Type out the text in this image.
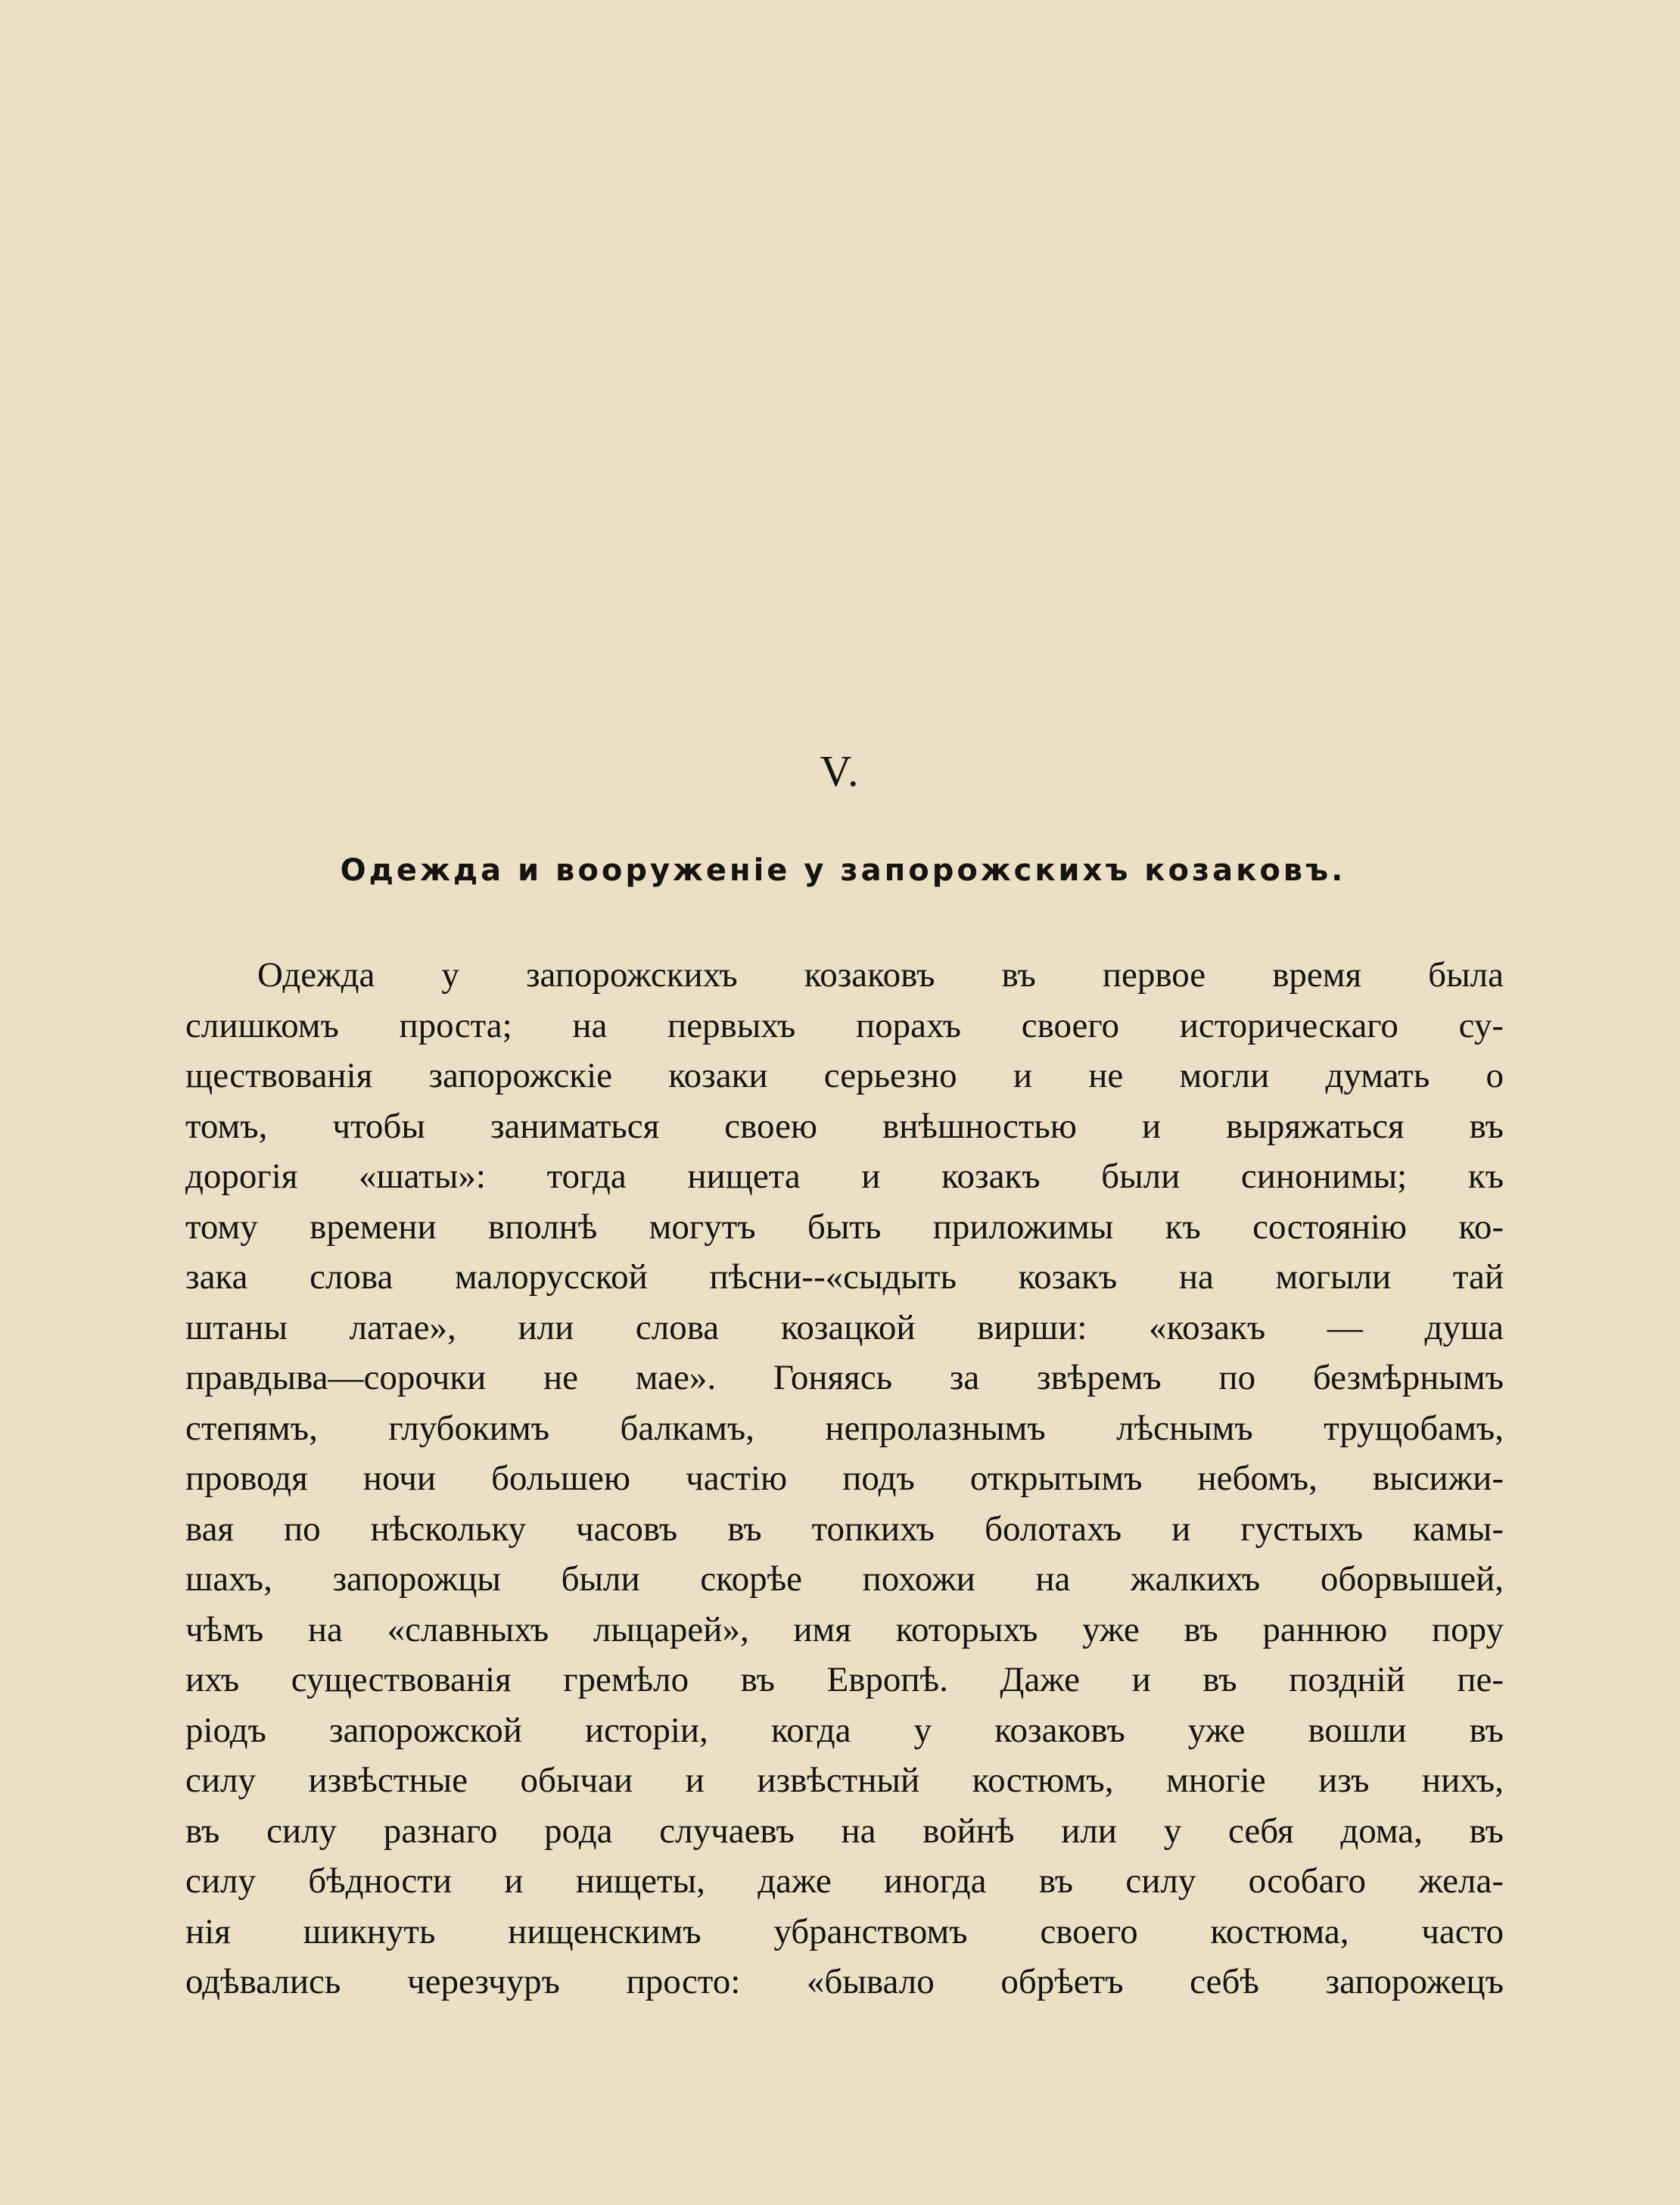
V.
Одежда и вооруженіе у запорожскихъ козаковъ.
Одежда у запорожскихъ козаковъ въ первое время была
слишкомъ проста; на первыхъ порахъ своего историческаго су-
ществованія запорожскіе козаки серьезно и не могли думать о
томъ, чтобы заниматься своею внѣшностью и выряжаться въ
дорогія «шаты»: тогда нищета и козакъ были синонимы; къ
тому времени вполнѣ могутъ быть приложимы къ состоянію ко-
зака слова малорусской пѣсни--«сыдыть козакъ на могыли тай
штаны латае», или слова козацкой вирши: «козакъ — душа
правдыва—сорочки не мае». Гоняясь за звѣремъ по безмѣрнымъ
степямъ, глубокимъ балкамъ, непролазнымъ лѣснымъ трущобамъ,
проводя ночи большею частію подъ открытымъ небомъ, высижи-
вая по нѣскольку часовъ въ топкихъ болотахъ и густыхъ камы-
шахъ, запорожцы были скорѣе похожи на жалкихъ оборвышей,
чѣмъ на «славныхъ лыцарей», имя которыхъ уже въ раннюю пору
ихъ существованія гремѣло въ Европѣ. Даже и въ поздній пе-
ріодъ запорожской исторіи, когда у козаковъ уже вошли въ
силу извѣстные обычаи и извѣстный костюмъ, многіе изъ нихъ,
въ силу разнаго рода случаевъ на войнѣ или у себя дома, въ
силу бѣдности и нищеты, даже иногда въ силу особаго жела-
нія шикнуть нищенскимъ убранствомъ своего костюма, часто
одѣвались черезчуръ просто: «бывало обрѣетъ себѣ запорожецъ
